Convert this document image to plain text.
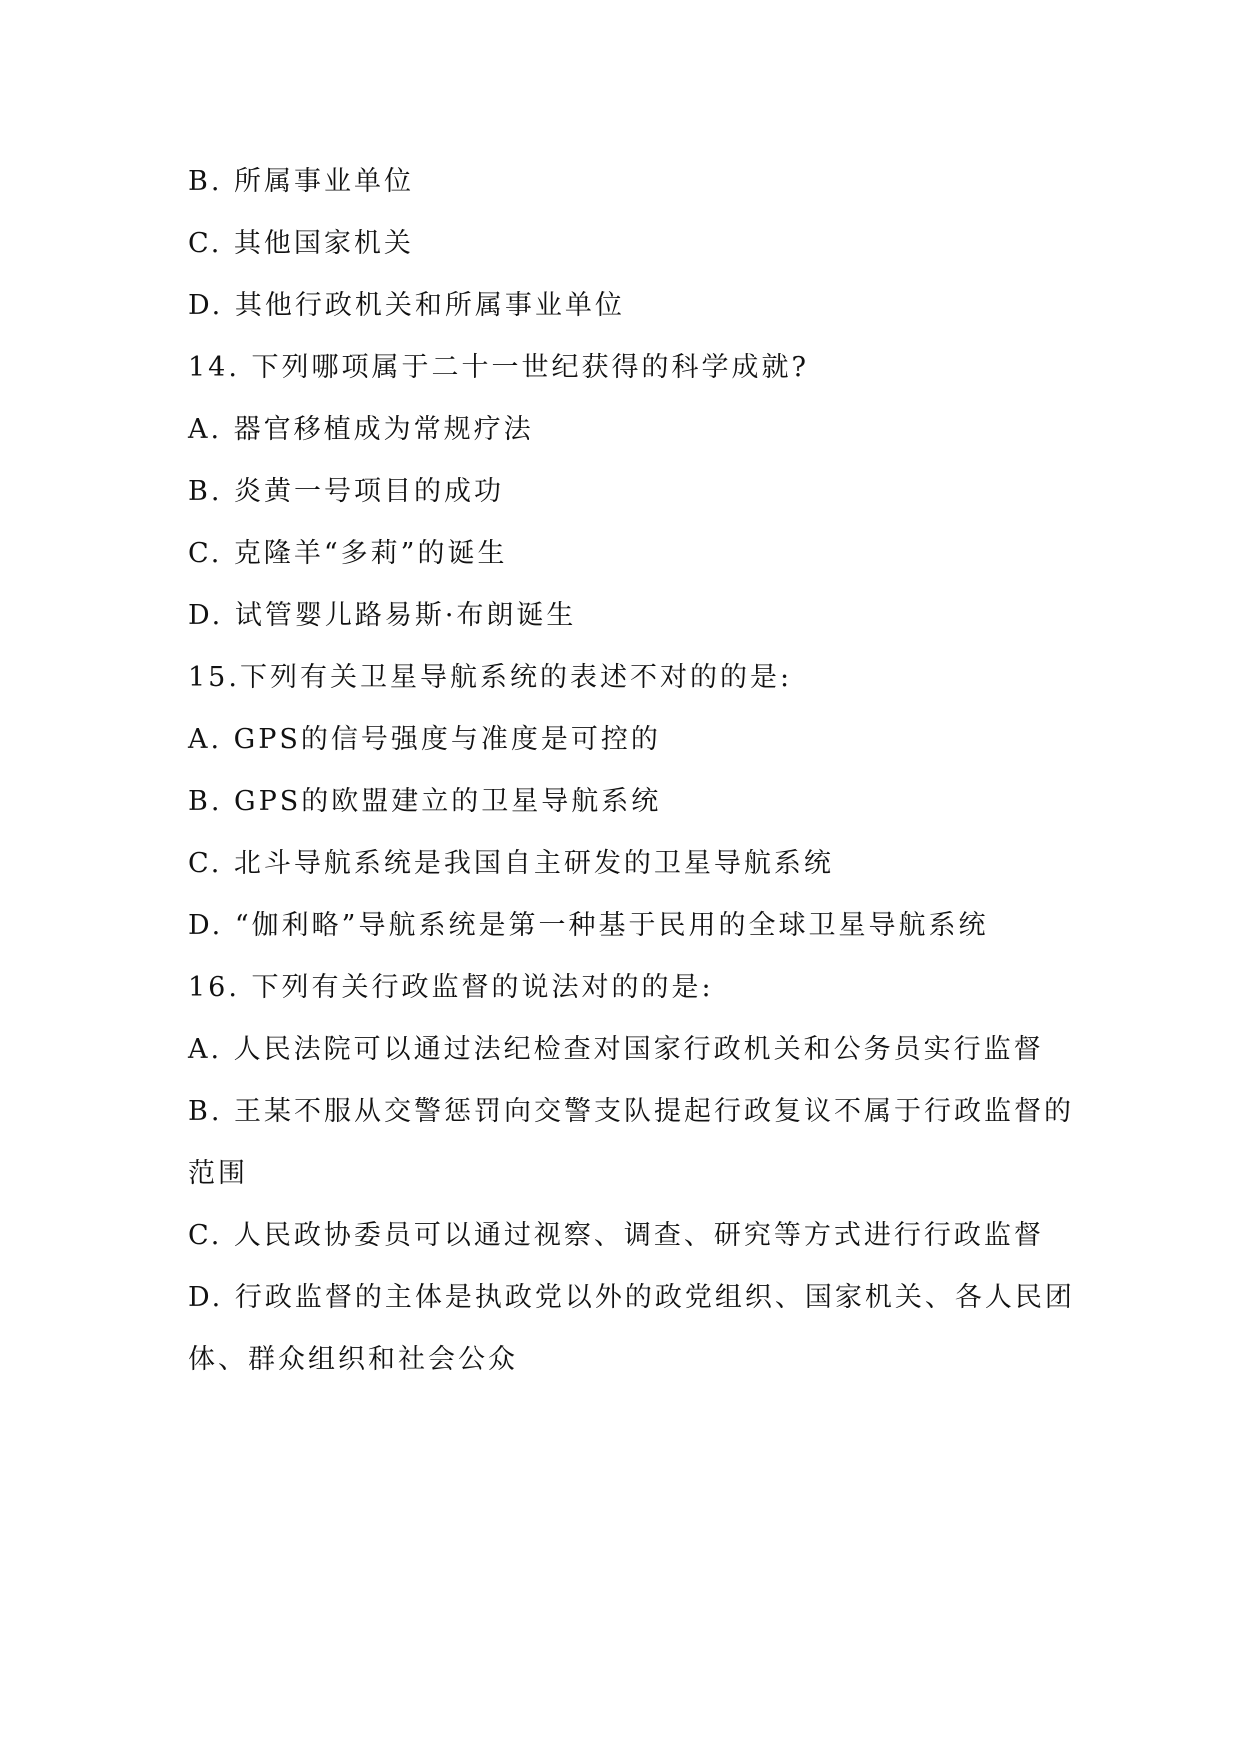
B. 所属事业单位
C. 其他国家机关
D. 其他行政机关和所属事业单位
14. 下列哪项属于二十一世纪获得的科学成就?
A. 器官移植成为常规疗法
B. 炎黄一号项目的成功
C. 克隆羊“多莉”的诞生
D. 试管婴儿路易斯·布朗诞生
15.下列有关卫星导航系统的表述不对的的是:
A. GPS的信号强度与准度是可控的
B. GPS的欧盟建立的卫星导航系统
C. 北斗导航系统是我国自主研发的卫星导航系统
D. “伽利略”导航系统是第一种基于民用的全球卫星导航系统
16. 下列有关行政监督的说法对的的是:
A. 人民法院可以通过法纪检查对国家行政机关和公务员实行监督
B. 王某不服从交警惩罚向交警支队提起行政复议不属于行政监督的
范围
C. 人民政协委员可以通过视察、调查、研究等方式进行行政监督
D. 行政监督的主体是执政党以外的政党组织、国家机关、各人民团
体、群众组织和社会公众
